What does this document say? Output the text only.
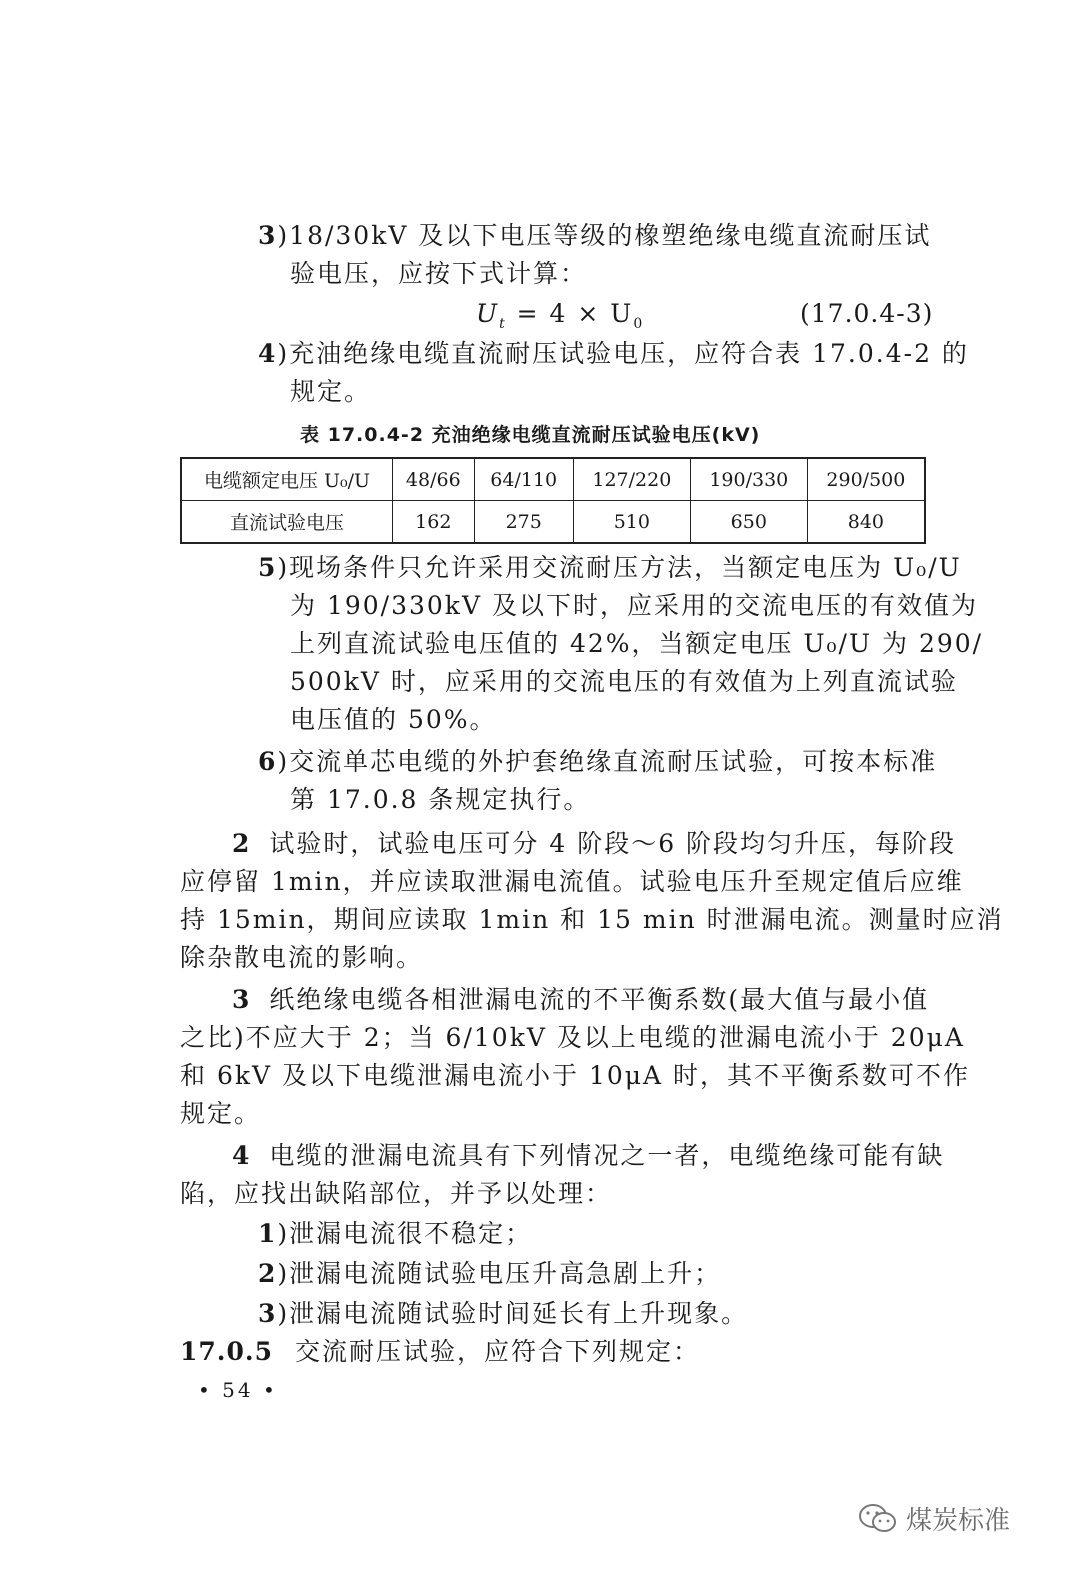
3)18/30kV 及以下电压等级的橡塑绝缘电缆直流耐压试
验电压，应按下式计算：
$U_t = 4 \times U_0$	(17.0.4-3)
4)充油绝缘电缆直流耐压试验电压，应符合表 17.0.4-2 的
规定。
表 17.0.4-2 充油绝缘电缆直流耐压试验电压(kV)
电缆额定电压 U₀/U	48/66	64/110	127/220	190/330	290/500
直流试验电压	162	275	510	650	840
5)现场条件只允许采用交流耐压方法，当额定电压为 U₀/U
为 190/330kV 及以下时，应采用的交流电压的有效值为
上列直流试验电压值的 42%，当额定电压 U₀/U 为 290/
500kV 时，应采用的交流电压的有效值为上列直流试验
电压值的 50%。
6)交流单芯电缆的外护套绝缘直流耐压试验，可按本标准
第 17.0.8 条规定执行。
2 试验时，试验电压可分 4 阶段～6 阶段均匀升压，每阶段
应停留 1min，并应读取泄漏电流值。试验电压升至规定值后应维
持 15min，期间应读取 1min 和 15 min 时泄漏电流。测量时应消
除杂散电流的影响。
3 纸绝缘电缆各相泄漏电流的不平衡系数(最大值与最小值
之比)不应大于 2；当 6/10kV 及以上电缆的泄漏电流小于 20μA
和 6kV 及以下电缆泄漏电流小于 10μA 时，其不平衡系数可不作
规定。
4 电缆的泄漏电流具有下列情况之一者，电缆绝缘可能有缺
陷，应找出缺陷部位，并予以处理：
1)泄漏电流很不稳定；
2)泄漏电流随试验电压升高急剧上升；
3)泄漏电流随试验时间延长有上升现象。
17.0.5 交流耐压试验，应符合下列规定：
• 54 •
煤炭标准
